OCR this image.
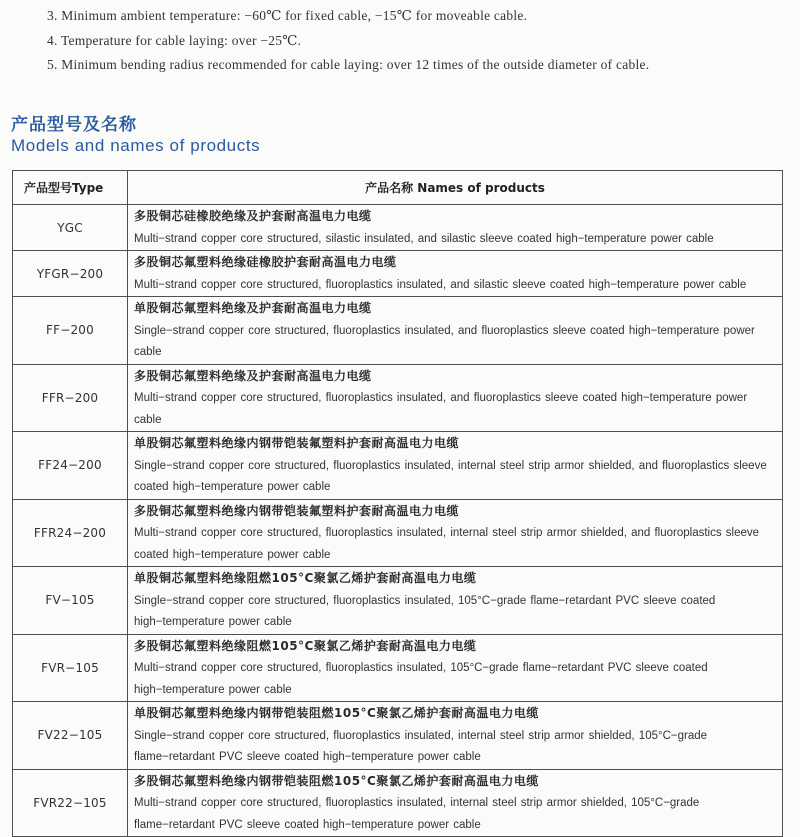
3. Minimum ambient temperature: −60℃ for fixed cable, −15℃ for moveable cable.
4. Temperature for cable laying: over −25℃.
5. Minimum bending radius recommended for cable laying: over 12 times of the outside diameter of cable.
产品型号及名称
Models and names of products
产品型号Type	产品名称 Names of products
YGC	多股铜芯硅橡胶绝缘及护套耐高温电力电缆
Multi−strand copper core structured, silastic insulated, and silastic sleeve coated high−temperature power cable
YFGR−200	多股铜芯氟塑料绝缘硅橡胶护套耐高温电力电缆
Multi−strand copper core structured, fluoroplastics insulated, and silastic sleeve coated high−temperature power cable
FF−200	单股铜芯氟塑料绝缘及护套耐高温电力电缆
Single−strand copper core structured, fluoroplastics insulated, and fluoroplastics sleeve coated high−temperature power cable
FFR−200	多股铜芯氟塑料绝缘及护套耐高温电力电缆
Multi−strand copper core structured, fluoroplastics insulated, and fluoroplastics sleeve coated high−temperature power cable
FF24−200	单股铜芯氟塑料绝缘内钢带铠装氟塑料护套耐高温电力电缆
Single−strand copper core structured, fluoroplastics insulated, internal steel strip armor shielded, and fluoroplastics sleeve coated high−temperature power cable
FFR24−200	多股铜芯氟塑料绝缘内钢带铠装氟塑料护套耐高温电力电缆
Multi−strand copper core structured, fluoroplastics insulated, internal steel strip armor shielded, and fluoroplastics sleeve coated high−temperature power cable
FV−105	单股铜芯氟塑料绝缘阻燃105°C聚氯乙烯护套耐高温电力电缆
Single−strand copper core structured, fluoroplastics insulated, 105°C−grade flame−retardant PVC sleeve coated high−temperature power cable
FVR−105	多股铜芯氟塑料绝缘阻燃105°C聚氯乙烯护套耐高温电力电缆
Multi−strand copper core structured, fluoroplastics insulated, 105°C−grade flame−retardant PVC sleeve coated high−temperature power cable
FV22−105	单股铜芯氟塑料绝缘内钢带铠装阻燃105°C聚氯乙烯护套耐高温电力电缆
Single−strand copper core structured, fluoroplastics insulated, internal steel strip armor shielded, 105°C−grade flame−retardant PVC sleeve coated high−temperature power cable
FVR22−105	多股铜芯氟塑料绝缘内钢带铠装阻燃105°C聚氯乙烯护套耐高温电力电缆
Multi−strand copper core structured, fluoroplastics insulated, internal steel strip armor shielded, 105°C−grade flame−retardant PVC sleeve coated high−temperature power cable
